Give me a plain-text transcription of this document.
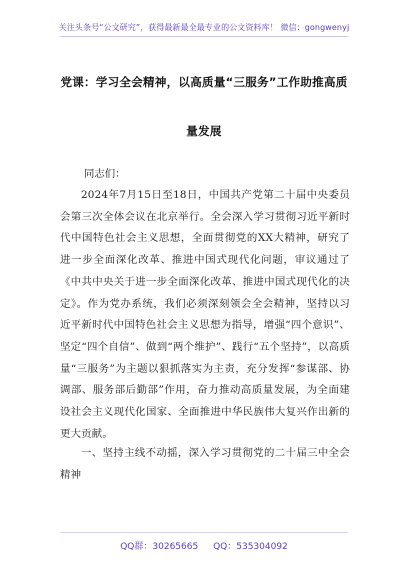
关注头条号“公文研究”，获得最新最全最专业的公文资料库！ 微信：gongwenyj
党课：学习全会精神，以高质量“三服务”工作助推高质
量发展
同志们：
2024年7月15日至18日，中国共产党第二十届中央委员会第三次全体会议在北京举行。全会深入学习贯彻习近平新时代中国特色社会主义思想，全面贯彻党的XX大精神，研究了进一步全面深化改革、推进中国式现代化问题，审议通过了《中共中央关于进一步全面深化改革、推进中国式现代化的决定》。作为党办系统，我们必须深刻领会全会精神，坚持以习近平新时代中国特色社会主义思想为指导，增强“四个意识”、坚定“四个自信”、做到“两个维护”、践行“五个坚持”，以高质量“三服务”为主题以狠抓落实为主责，充分发挥“参谋部、协调部、服务部后勤部”作用，奋力推动高质量发展，为全面建设社会主义现代化国家、全面推进中华民族伟大复兴作出新的更大贡献。
一、坚持主线不动摇，深入学习贯彻党的二十届三中全会精神
QQ群：30265665 QQ：535304092
